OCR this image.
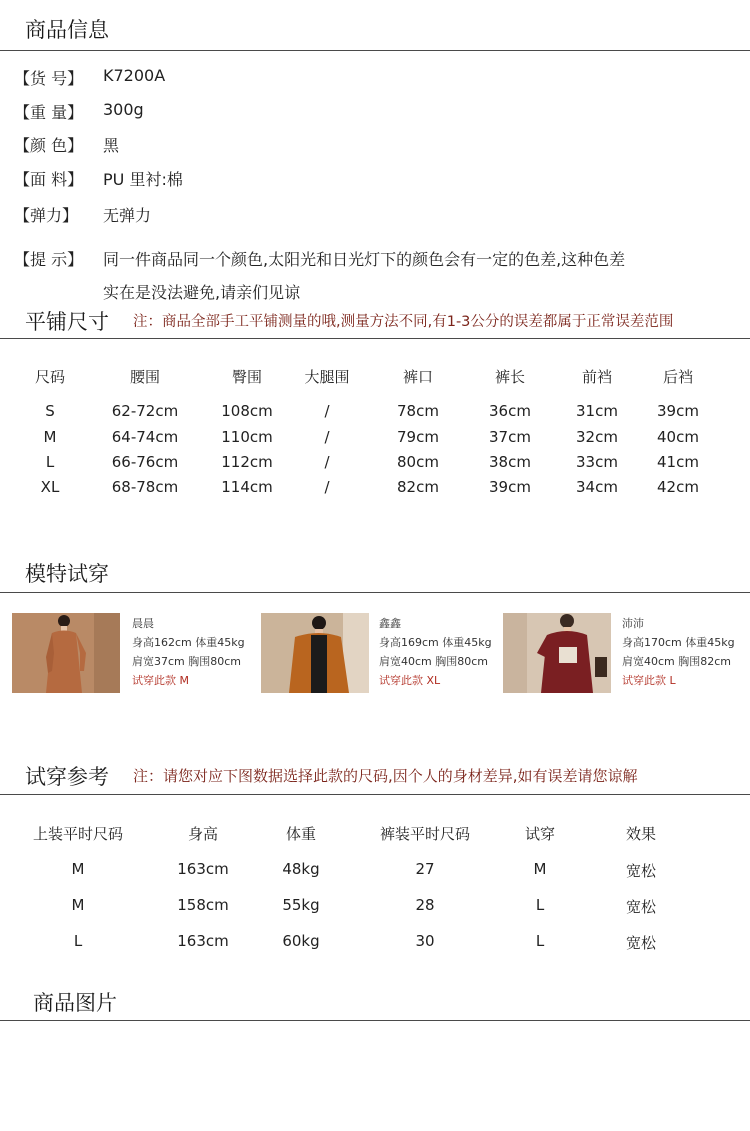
商品信息
【货 号】 K7200A
【重 量】 300g
【颜 色】 黑
【面 料】 PU 里衬:棉
【弹力】 无弹力
【提 示】 同一件商品同一个颜色,太阳光和日光灯下的颜色会有一定的色差,这种色差
实在是没法避免,请亲们见谅
平铺尺寸 注：商品全部手工平铺测量的哦,测量方法不同,有1-3公分的误差都属于正常误差范围
尺码	腰围	臀围	大腿围	裤口	裤长	前裆	后裆
S	62-72cm	108cm	/	78cm	36cm	31cm	39cm
M	64-74cm	110cm	/	79cm	37cm	32cm	40cm
L	66-76cm	112cm	/	80cm	38cm	33cm	41cm
XL	68-78cm	114cm	/	82cm	39cm	34cm	42cm
模特试穿
晨晨
身高162cm 体重45kg
肩宽37cm 胸围80cm
试穿此款 M
鑫鑫
身高169cm 体重45kg
肩宽40cm 胸围80cm
试穿此款 XL
沛沛
身高170cm 体重45kg
肩宽40cm 胸围82cm
试穿此款 L
试穿参考 注：请您对应下图数据选择此款的尺码,因个人的身材差异,如有误差请您谅解
上装平时尺码	身高	体重	裤装平时尺码	试穿	效果
M	163cm	48kg	27	M	宽松
M	158cm	55kg	28	L	宽松
L	163cm	60kg	30	L	宽松
商品图片
